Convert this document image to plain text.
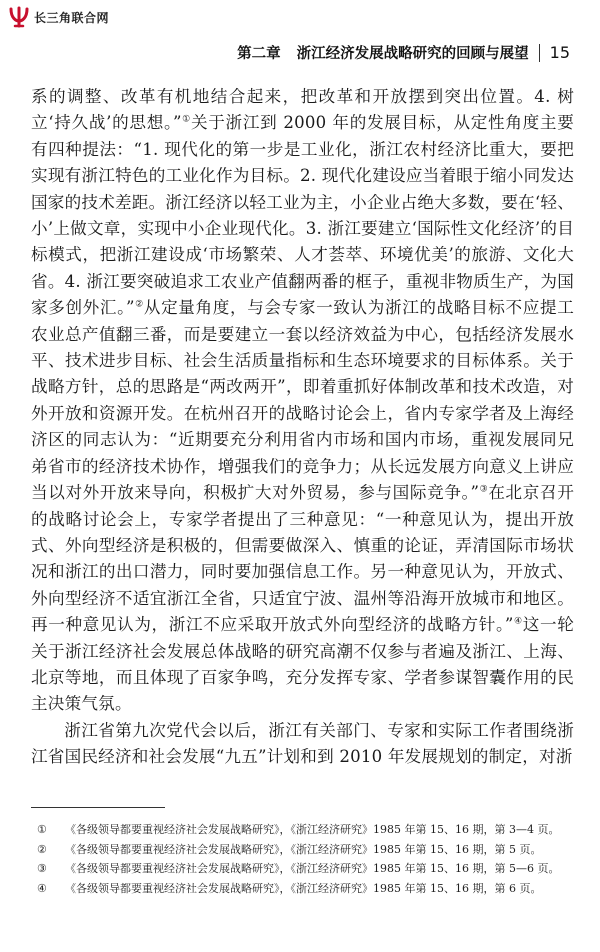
长三角联合网
第二章 浙江经济发展战略研究的回顾与展望 15

系的调整、改革有机地结合起来，把改革和开放摆到突出位置。4. 树立‘持久战’的思想。”①关于浙江到 2000 年的发展目标，从定性角度主要有四种提法：“1. 现代化的第一步是工业化，浙江农村经济比重大，要把实现有浙江特色的工业化作为目标。2. 现代化建设应当着眼于缩小同发达国家的技术差距。浙江经济以轻工业为主，小企业占绝大多数，要在‘轻、小’上做文章，实现中小企业现代化。3. 浙江要建立‘国际性文化经济’的目标模式，把浙江建设成‘市场繁荣、人才荟萃、环境优美’的旅游、文化大省。4. 浙江要突破追求工农业产值翻两番的框子，重视非物质生产，为国家多创外汇。”②从定量角度，与会专家一致认为浙江的战略目标不应提工农业总产值翻三番，而是要建立一套以经济效益为中心，包括经济发展水平、技术进步目标、社会生活质量指标和生态环境要求的目标体系。关于战略方针，总的思路是“两改两开”，即着重抓好体制改革和技术改造，对外开放和资源开发。在杭州召开的战略讨论会上，省内专家学者及上海经济区的同志认为：“近期要充分利用省内市场和国内市场，重视发展同兄弟省市的经济技术协作，增强我们的竞争力；从长远发展方向意义上讲应当以对外开放来导向，积极扩大对外贸易，参与国际竞争。”③在北京召开的战略讨论会上，专家学者提出了三种意见：“一种意见认为，提出开放式、外向型经济是积极的，但需要做深入、慎重的论证，弄清国际市场状况和浙江的出口潜力，同时要加强信息工作。另一种意见认为，开放式、外向型经济不适宜浙江全省，只适宜宁波、温州等沿海开放城市和地区。再一种意见认为，浙江不应采取开放式外向型经济的战略方针。”④这一轮关于浙江经济社会发展总体战略的研究高潮不仅参与者遍及浙江、上海、北京等地，而且体现了百家争鸣，充分发挥专家、学者参谋智囊作用的民主决策气氛。

浙江省第九次党代会以后，浙江有关部门、专家和实际工作者围绕浙江省国民经济和社会发展“九五”计划和到 2010 年发展规划的制定，对浙

①	《各级领导都要重视经济社会发展战略研究》，《浙江经济研究》1985 年第 15、16 期，第 3—4 页。
②	《各级领导都要重视经济社会发展战略研究》，《浙江经济研究》1985 年第 15、16 期，第 5 页。
③	《各级领导都要重视经济社会发展战略研究》，《浙江经济研究》1985 年第 15、16 期，第 5—6 页。
④	《各级领导都要重视经济社会发展战略研究》，《浙江经济研究》1985 年第 15、16 期，第 6 页。
